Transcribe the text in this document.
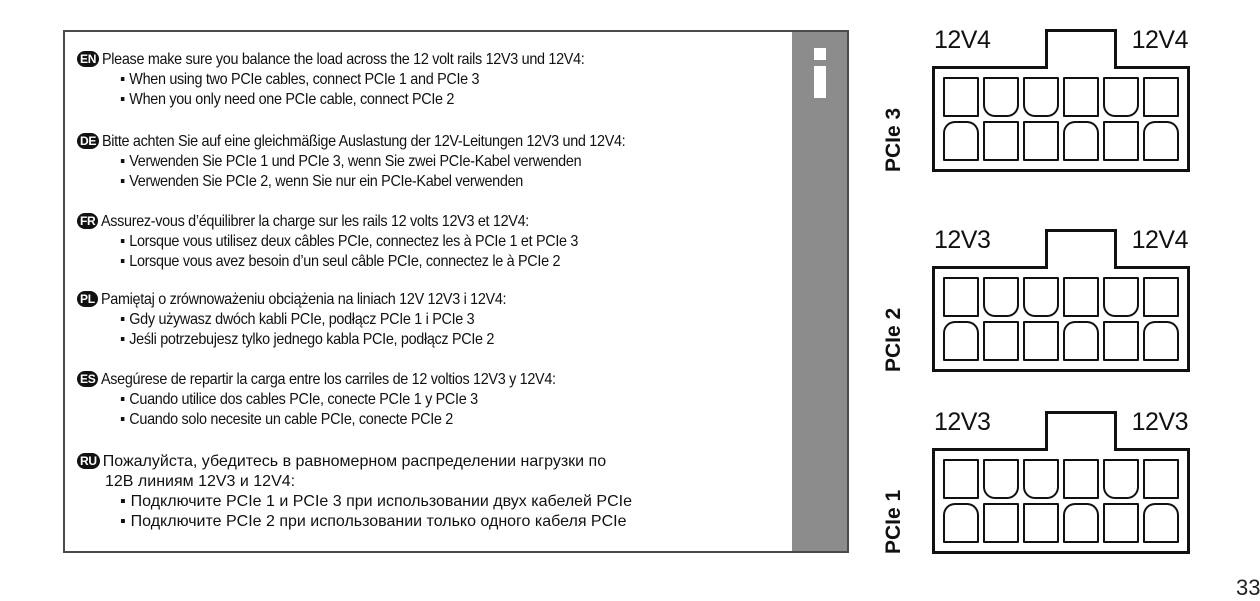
EN Please make sure you balance the load across the 12 volt rails 12V3 und 12V4:
▪ When using two PCIe cables, connect PCIe 1 and PCIe 3
▪ When you only need one PCIe cable, connect PCIe 2
DE Bitte achten Sie auf eine gleichmäßige Auslastung der 12V-Leitungen 12V3 und 12V4:
▪ Verwenden Sie PCIe 1 und PCIe 3, wenn Sie zwei PCIe-Kabel verwenden
▪ Verwenden Sie PCIe 2, wenn Sie nur ein PCIe-Kabel verwenden
FR Assurez-vous d’équilibrer la charge sur les rails 12 volts 12V3 et 12V4:
▪ Lorsque vous utilisez deux câbles PCIe, connectez les à PCIe 1 et PCIe 3
▪ Lorsque vous avez besoin d’un seul câble PCIe, connectez le à PCIe 2
PL Pamiętaj o zrównoważeniu obciążenia na liniach 12V 12V3 i 12V4:
▪ Gdy używasz dwóch kabli PCIe, podłącz PCIe 1 i PCIe 3
▪ Jeśli potrzebujesz tylko jednego kabla PCIe, podłącz PCIe 2
ES Asegúrese de repartir la carga entre los carriles de 12 voltios 12V3 y 12V4:
▪ Cuando utilice dos cables PCIe, conecte PCIe 1 y PCIe 3
▪ Cuando solo necesite un cable PCIe, conecte PCIe 2
RU Пожалуйста, убедитесь в равномерном распределении нагрузки по
12В линиям 12V3 и 12V4:
▪ Подключите PCIe 1 и PCIe 3 при использовании двух кабелей PCIe
▪ Подключите PCIe 2 при использовании только одного кабеля PCIe
PCIe 3
12V4	12V4
PCIe 2
12V3	12V4
PCIe 1
12V3	12V3
33
